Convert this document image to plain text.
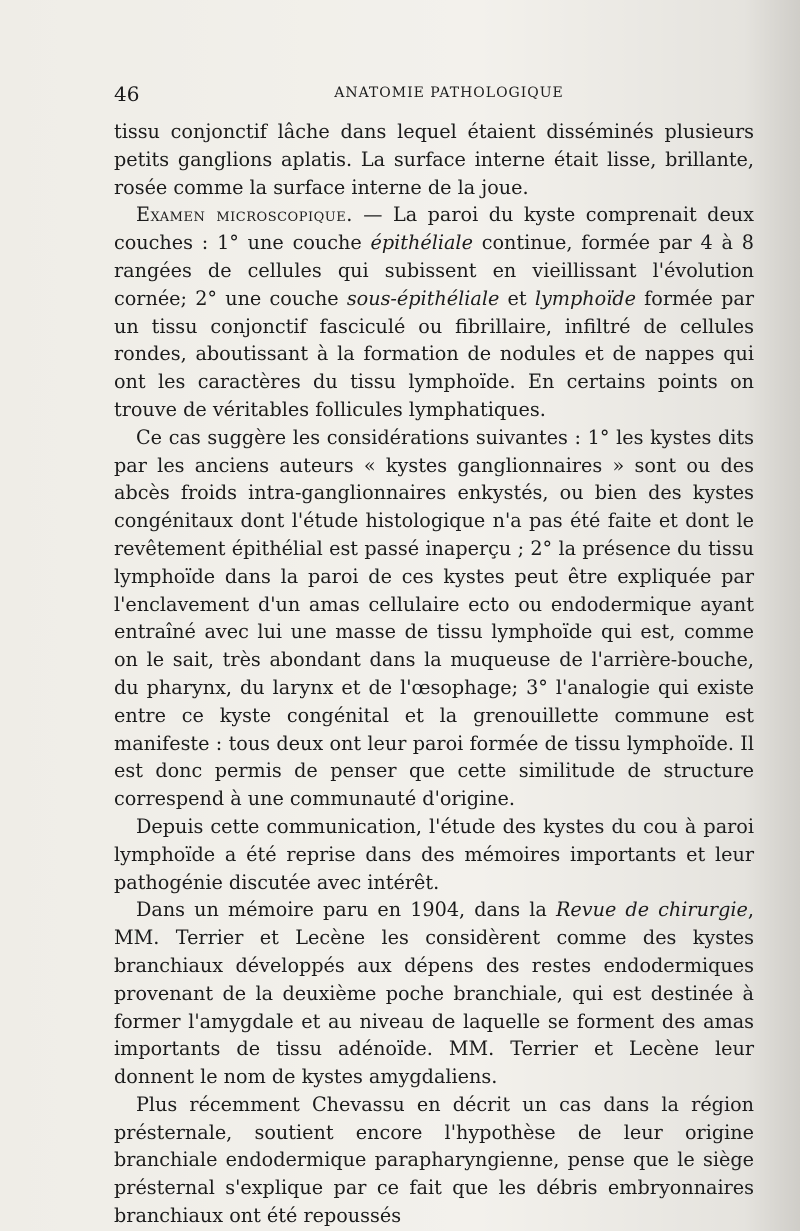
46	ANATOMIE PATHOLOGIQUE

tissu conjonctif lâche dans lequel étaient disséminés plusieurs petits ganglions aplatis. La surface interne était lisse, brillante, rosée comme la surface interne de la joue.

Examen microscopique. — La paroi du kyste comprenait deux couches : 1° une couche épithéliale continue, formée par 4 à 8 rangées de cellules qui subissent en vieillissant l'évolution cornée; 2° une couche sous-épithéliale et lymphoïde formée par un tissu conjonctif fasciculé ou fibrillaire, infiltré de cellules rondes, aboutissant à la formation de nodules et de nappes qui ont les caractères du tissu lymphoïde. En certains points on trouve de véritables follicules lymphatiques.

Ce cas suggère les considérations suivantes : 1° les kystes dits par les anciens auteurs « kystes ganglionnaires » sont ou des abcès froids intra-ganglionnaires enkystés, ou bien des kystes congénitaux dont l'étude histologique n'a pas été faite et dont le revêtement épithélial est passé inaperçu ; 2° la présence du tissu lymphoïde dans la paroi de ces kystes peut être expliquée par l'enclavement d'un amas cellulaire ecto ou endodermique ayant entraîné avec lui une masse de tissu lymphoïde qui est, comme on le sait, très abondant dans la muqueuse de l'arrière-bouche, du pharynx, du larynx et de l'œsophage; 3° l'analogie qui existe entre ce kyste congénital et la grenouillette commune est manifeste : tous deux ont leur paroi formée de tissu lymphoïde. Il est donc permis de penser que cette similitude de structure correspend à une communauté d'origine.

Depuis cette communication, l'étude des kystes du cou à paroi lymphoïde a été reprise dans des mémoires importants et leur pathogénie discutée avec intérêt.

Dans un mémoire paru en 1904, dans la Revue de chirurgie, MM. Terrier et Lecène les considèrent comme des kystes branchiaux développés aux dépens des restes endodermiques provenant de la deuxième poche branchiale, qui est destinée à former l'amygdale et au niveau de laquelle se forment des amas importants de tissu adénoïde. MM. Terrier et Lecène leur donnent le nom de kystes amygdaliens.

Plus récemment Chevassu en décrit un cas dans la région présternale, soutient encore l'hypothèse de leur origine branchiale endodermique parapharyngienne, pense que le siège présternal s'explique par ce fait que les débris embryonnaires branchiaux ont été repoussés
